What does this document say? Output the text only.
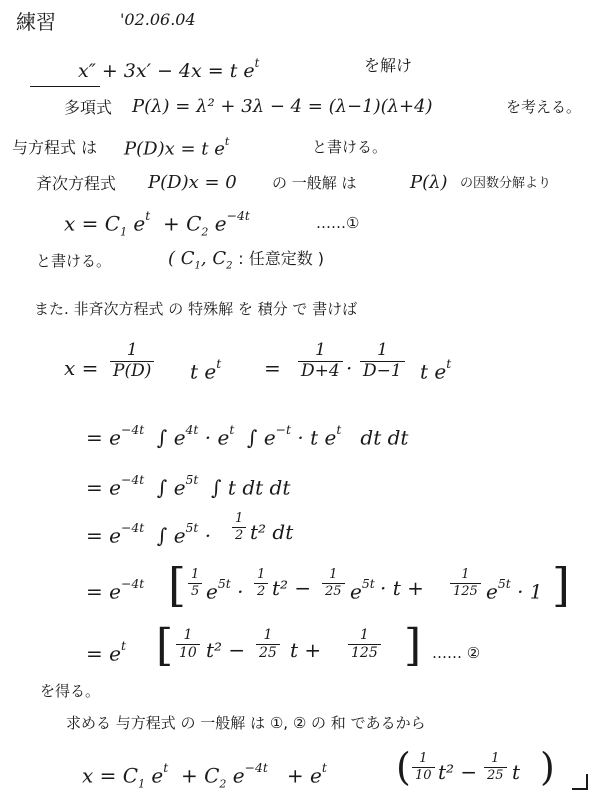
練習	'02.06.04
x″ + 3x′ − 4x = t $e^t$	を解け
多項式 P(λ) = λ² + 3λ − 4 = (λ−1)(λ+4)	を考える。
与方程式 は P(D)x = t $e^t$	と書ける。
斉次方程式 P(D)x = 0 の 一般解 は	P(λ) の因数分解より
$x = C_1$ $e^t + C_2$ $e^{-4t}$	……①
と書ける。	( $C_1$, $C_2$ : 任意定数 )
また. 非斉次方程式 の 特殊解 を 積分 で 書けば
x =
1
P(D) t $e^t$ =
1
D+4 ·
1
D−1 t $e^t$
= $e^{-4t}$ ∫ $e^{4t} \cdot e^t$ ∫ $e^{-t} \cdot t$ $e^t$ dt dt
= $e^{-4t}$ ∫ $e^{5t}$ ∫ t dt dt
= $e^{-4t}$ ∫ $e^{5t}$ ·
1
2 t² dt
= $e^{-4t}$ [ 1
5 $e^{5t}$ ·
1
2 t² −
1
25 $e^{5t} \cdot t$ +
1
125 $e^{5t} \cdot 1$ ]
= $e^t$ [ 1
10 t² −
1
25 t +
1
125 ] …… ②
を得る。
求める 与方程式 の 一般解 は ①, ② の 和 であるから
$x = C_1$ $e^t + C_2$ $e^{-4t} + e^t$ ( 1
10 t² −
1
25 t )
